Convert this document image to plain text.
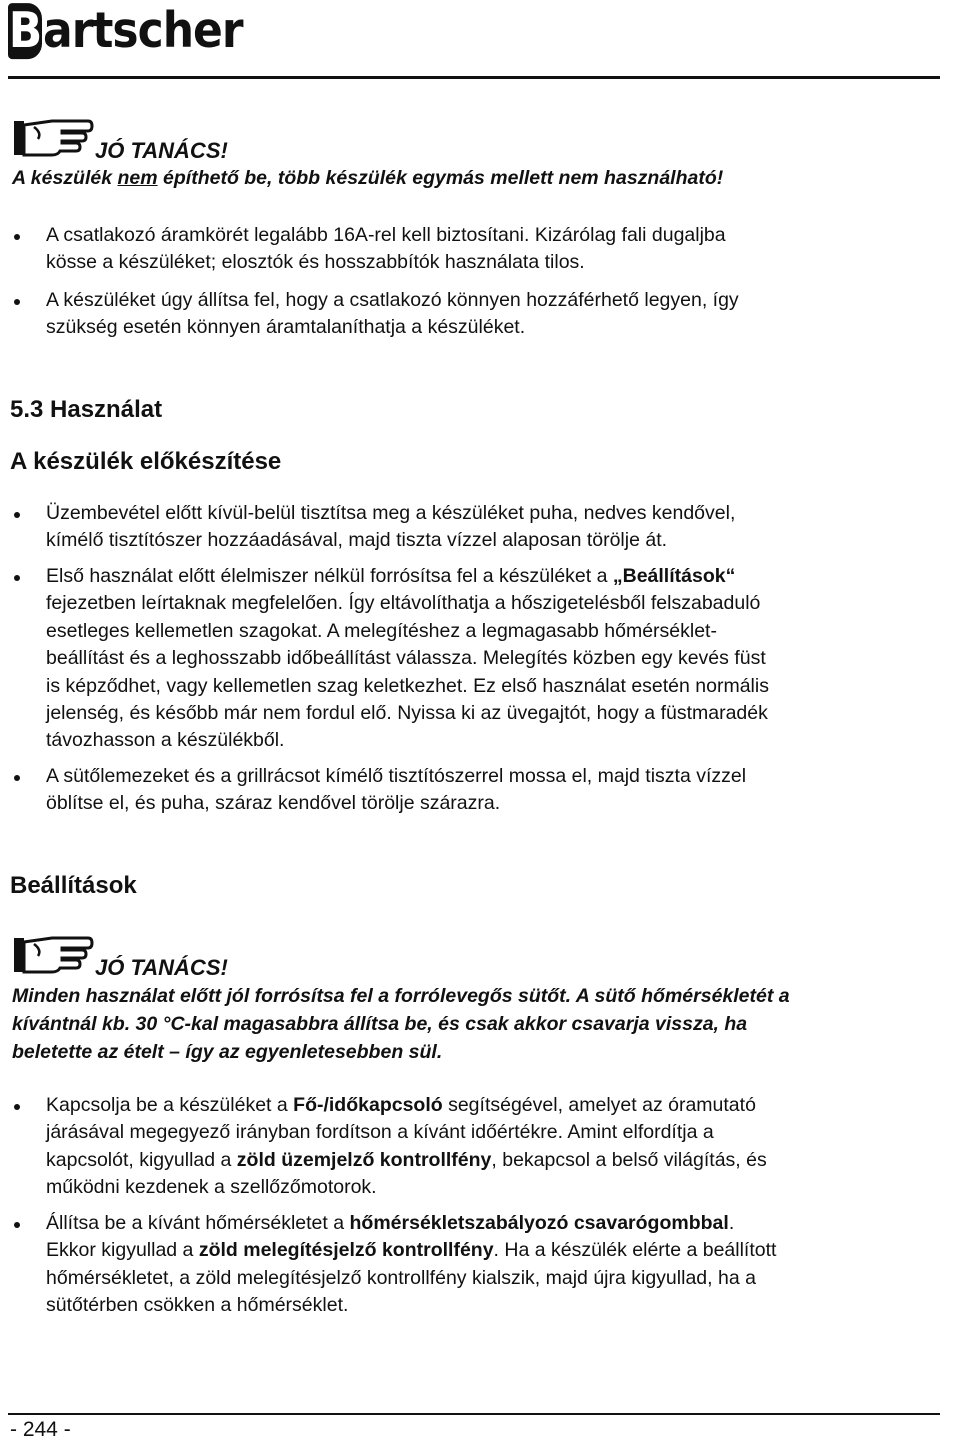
Bartscher
JÓ TANÁCS!
A készülék nem építhető be, több készülék egymás mellett nem használható!
A csatlakozó áramkörét legalább 16A-rel kell biztosítani. Kizárólag fali dugaljba
kösse a készüléket; elosztók és hosszabbítók használata tilos.
A készüléket úgy állítsa fel, hogy a csatlakozó könnyen hozzáférhető legyen, így
szükség esetén könnyen áramtalaníthatja a készüléket.
5.3 Használat
A készülék előkészítése
Üzembevétel előtt kívül-belül tisztítsa meg a készüléket puha, nedves kendővel,
kímélő tisztítószer hozzáadásával, majd tiszta vízzel alaposan törölje át.
Első használat előtt élelmiszer nélkül forrósítsa fel a készüléket a „Beállítások“
fejezetben leírtaknak megfelelően. Így eltávolíthatja a hőszigetelésből felszabaduló
esetleges kellemetlen szagokat. A melegítéshez a legmagasabb hőmérséklet-
beállítást és a leghosszabb időbeállítást válassza. Melegítés közben egy kevés füst
is képződhet, vagy kellemetlen szag keletkezhet. Ez első használat esetén normális
jelenség, és később már nem fordul elő. Nyissa ki az üvegajtót, hogy a füstmaradék
távozhasson a készülékből.
A sütőlemezeket és a grillrácsot kímélő tisztítószerrel mossa el, majd tiszta vízzel
öblítse el, és puha, száraz kendővel törölje szárazra.
Beállítások
JÓ TANÁCS!
Minden használat előtt jól forrósítsa fel a forrólevegős sütőt. A sütő hőmérsékletét a
kívántnál kb. 30 °C-kal magasabbra állítsa be, és csak akkor csavarja vissza, ha
beletette az ételt – így az egyenletesebben sül.
Kapcsolja be a készüléket a Fő-/időkapcsoló segítségével, amelyet az óramutató
járásával megegyező irányban fordítson a kívánt időértékre. Amint elfordítja a
kapcsolót, kigyullad a zöld üzemjelző kontrollfény, bekapcsol a belső világítás, és
működni kezdenek a szellőzőmotorok.
Állítsa be a kívánt hőmérsékletet a hőmérsékletszabályozó csavarógombbal.
Ekkor kigyullad a zöld melegítésjelző kontrollfény. Ha a készülék elérte a beállított
hőmérsékletet, a zöld melegítésjelző kontrollfény kialszik, majd újra kigyullad, ha a
sütőtérben csökken a hőmérséklet.
- 244 -
